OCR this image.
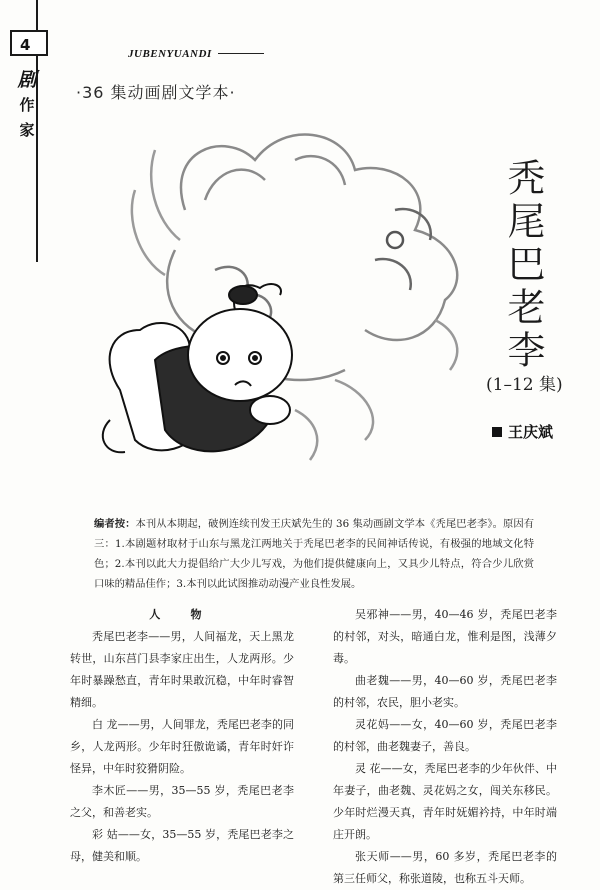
4
剧
作
家
JUBENYUANDI
·36 集动画剧文学本·
秃尾巴老李
(1–12 集)
王庆斌
编者按：本刊从本期起，破例连续刊发王庆斌先生的 36 集动画剧文学本《秃尾巴老李》。原因有三：1.本剧题材取材于山东与黑龙江两地关于秃尾巴老李的民间神话传说，有极强的地域文化特色；2.本刊以此大力提倡给广大少儿写戏，为他们提供健康向上，又具少儿特点，符合少儿欣赏口味的精品佳作；3.本刊以此试图推动动漫产业良性发展。

人 物

秃尾巴老李——男，人间福龙，天上黑龙转世，山东莒门县李家庄出生，人龙两形。少年时暴躁愁直，青年时果敢沉稳，中年时睿智精细。

白 龙——男，人间罪龙，秃尾巴老李的同乡，人龙两形。少年时狂傲诡谲，青年时奸诈怪异，中年时狡猾阴险。

李木匠——男，35—55 岁，秃尾巴老李之父，和善老实。

彩 姑——女，35—55 岁，秃尾巴老李之母，健美和顺。

吴邪神——男，40—46 岁，秃尾巴老李的村邻，对头，暗通白龙，惟利是图，浅薄夕毒。

曲老魏——男，40—60 岁，秃尾巴老李的村邻，农民，胆小老实。

灵花妈——女，40—60 岁，秃尾巴老李的村邻，曲老魏妻子，善良。

灵 花——女，秃尾巴老李的少年伙伴、中年妻子，曲老魏、灵花妈之女，闯关东移民。少年时烂漫天真，青年时妩媚衿持，中年时端庄开朗。

张天师——男，60 多岁，秃尾巴老李的第三任师父，称张道陵，也称五斗天师。
